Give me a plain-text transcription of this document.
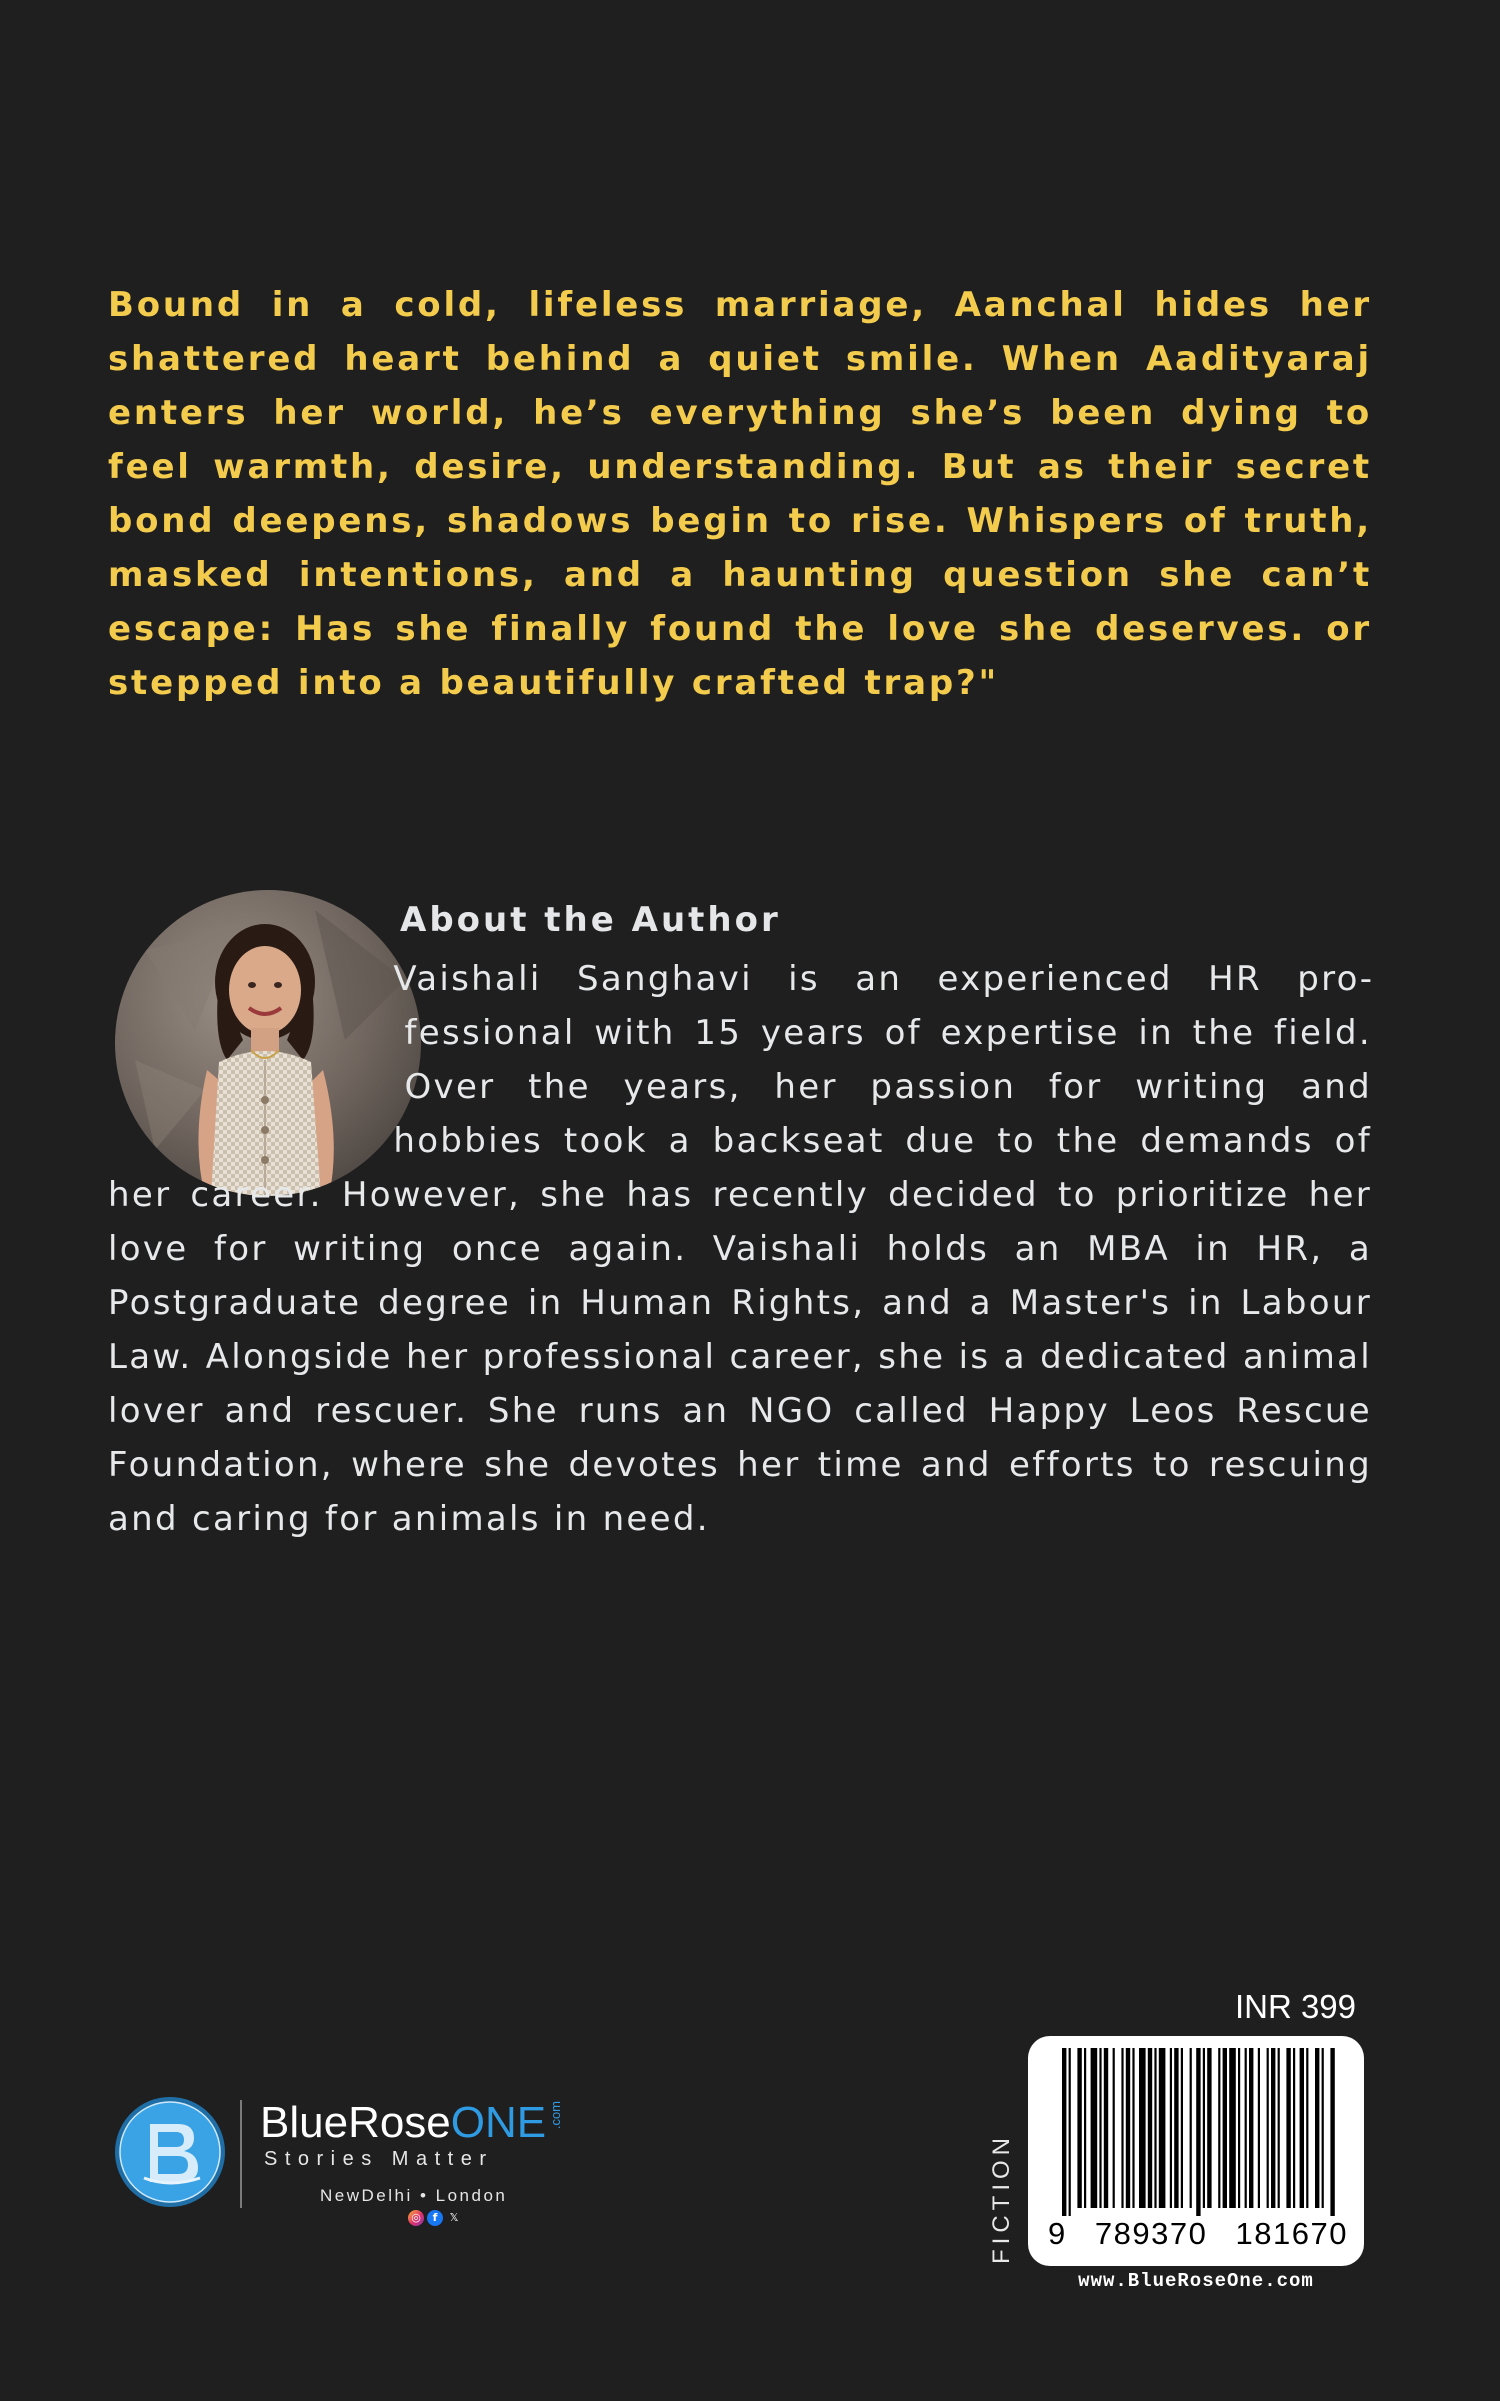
Bound in a cold, lifeless marriage, Aanchal hides her shattered heart behind a quiet smile. When Aadityaraj enters her world, he’s everything she’s been dying to feel warmth, desire, understanding. But as their secret bond deepens, shadows begin to rise. Whispers of truth, masked intentions, and a haunting question she can’t escape: Has she finally found the love she deserves. or stepped into a beautifully crafted trap?"

About the Author
Vaishali Sanghavi is an experienced HR professional with 15 years of expertise in the field. Over the years, her passion for writing and hobbies took a backseat due to the demands of her career. However, she has recently decided to prioritize her love for writing once again. Vaishali holds an MBA in HR, a Postgraduate degree in Human Rights, and a Master's in Labour Law. Alongside her professional career, she is a dedicated animal lover and rescuer. She runs an NGO called Happy Leos Rescue Foundation, where she devotes her time and efforts to rescuing and caring for animals in need.
BlueRoseONE .com
Stories Matter
NewDelhi • London
◎	f	𝕏
INR 399
FICTION 9 789370 181670
www.BlueRoseOne.com
